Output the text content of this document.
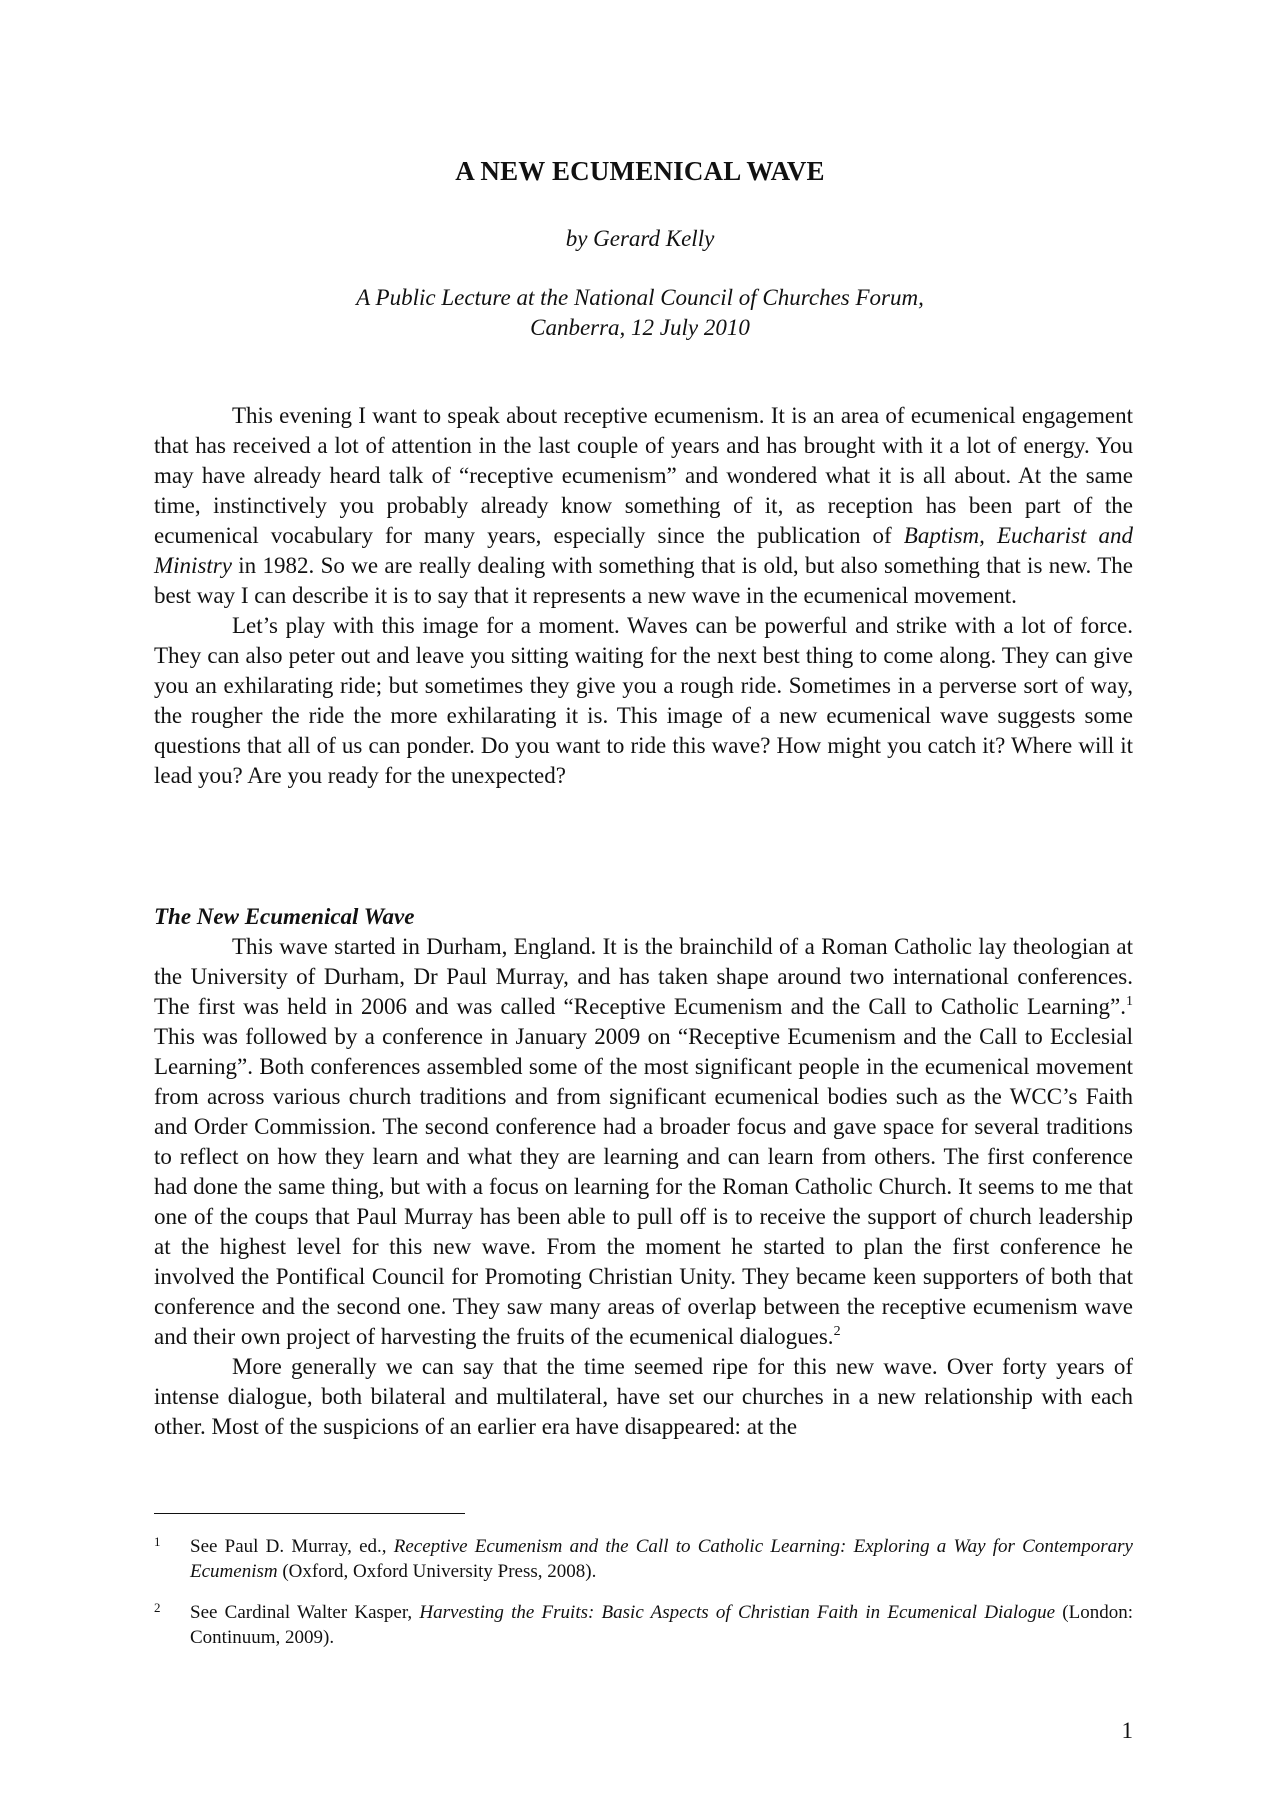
A NEW ECUMENICAL WAVE
by Gerard Kelly
A Public Lecture at the National Council of Churches Forum,
Canberra, 12 July 2010

This evening I want to speak about receptive ecumenism. It is an area of ecumenical engagement that has received a lot of attention in the last couple of years and has brought with it a lot of energy. You may have already heard talk of “receptive ecumenism” and wondered what it is all about. At the same time, instinctively you probably already know something of it, as reception has been part of the ecumenical vocabulary for many years, especially since the publication of Baptism, Eucharist and Ministry in 1982. So we are really dealing with something that is old, but also something that is new. The best way I can describe it is to say that it represents a new wave in the ecumenical movement.

Let’s play with this image for a moment. Waves can be powerful and strike with a lot of force. They can also peter out and leave you sitting waiting for the next best thing to come along. They can give you an exhilarating ride; but sometimes they give you a rough ride. Sometimes in a perverse sort of way, the rougher the ride the more exhilarating it is. This image of a new ecumenical wave suggests some questions that all of us can ponder. Do you want to ride this wave? How might you catch it? Where will it lead you? Are you ready for the unexpected?

The New Ecumenical Wave

This wave started in Durham, England. It is the brainchild of a Roman Catholic lay theologian at the University of Durham, Dr Paul Murray, and has taken shape around two international conferences. The first was held in 2006 and was called “Receptive Ecumenism and the Call to Catholic Learning”.$^1$ This was followed by a conference in January 2009 on “Receptive Ecumenism and the Call to Ecclesial Learning”. Both conferences assembled some of the most significant people in the ecumenical movement from across various church traditions and from significant ecumenical bodies such as the WCC’s Faith and Order Commission. The second conference had a broader focus and gave space for several traditions to reflect on how they learn and what they are learning and can learn from others. The first conference had done the same thing, but with a focus on learning for the Roman Catholic Church. It seems to me that one of the coups that Paul Murray has been able to pull off is to receive the support of church leadership at the highest level for this new wave. From the moment he started to plan the first conference he involved the Pontifical Council for Promoting Christian Unity. They became keen supporters of both that conference and the second one. They saw many areas of overlap between the receptive ecumenism wave and their own project of harvesting the fruits of the ecumenical dialogues.$^2$

More generally we can say that the time seemed ripe for this new wave. Over forty years of intense dialogue, both bilateral and multilateral, have set our churches in a new relationship with each other. Most of the suspicions of an earlier era have disappeared: at the

1 See Paul D. Murray, ed., Receptive Ecumenism and the Call to Catholic Learning: Exploring a Way for Contemporary Ecumenism (Oxford, Oxford University Press, 2008).
2 See Cardinal Walter Kasper, Harvesting the Fruits: Basic Aspects of Christian Faith in Ecumenical Dialogue (London: Continuum, 2009).
1
